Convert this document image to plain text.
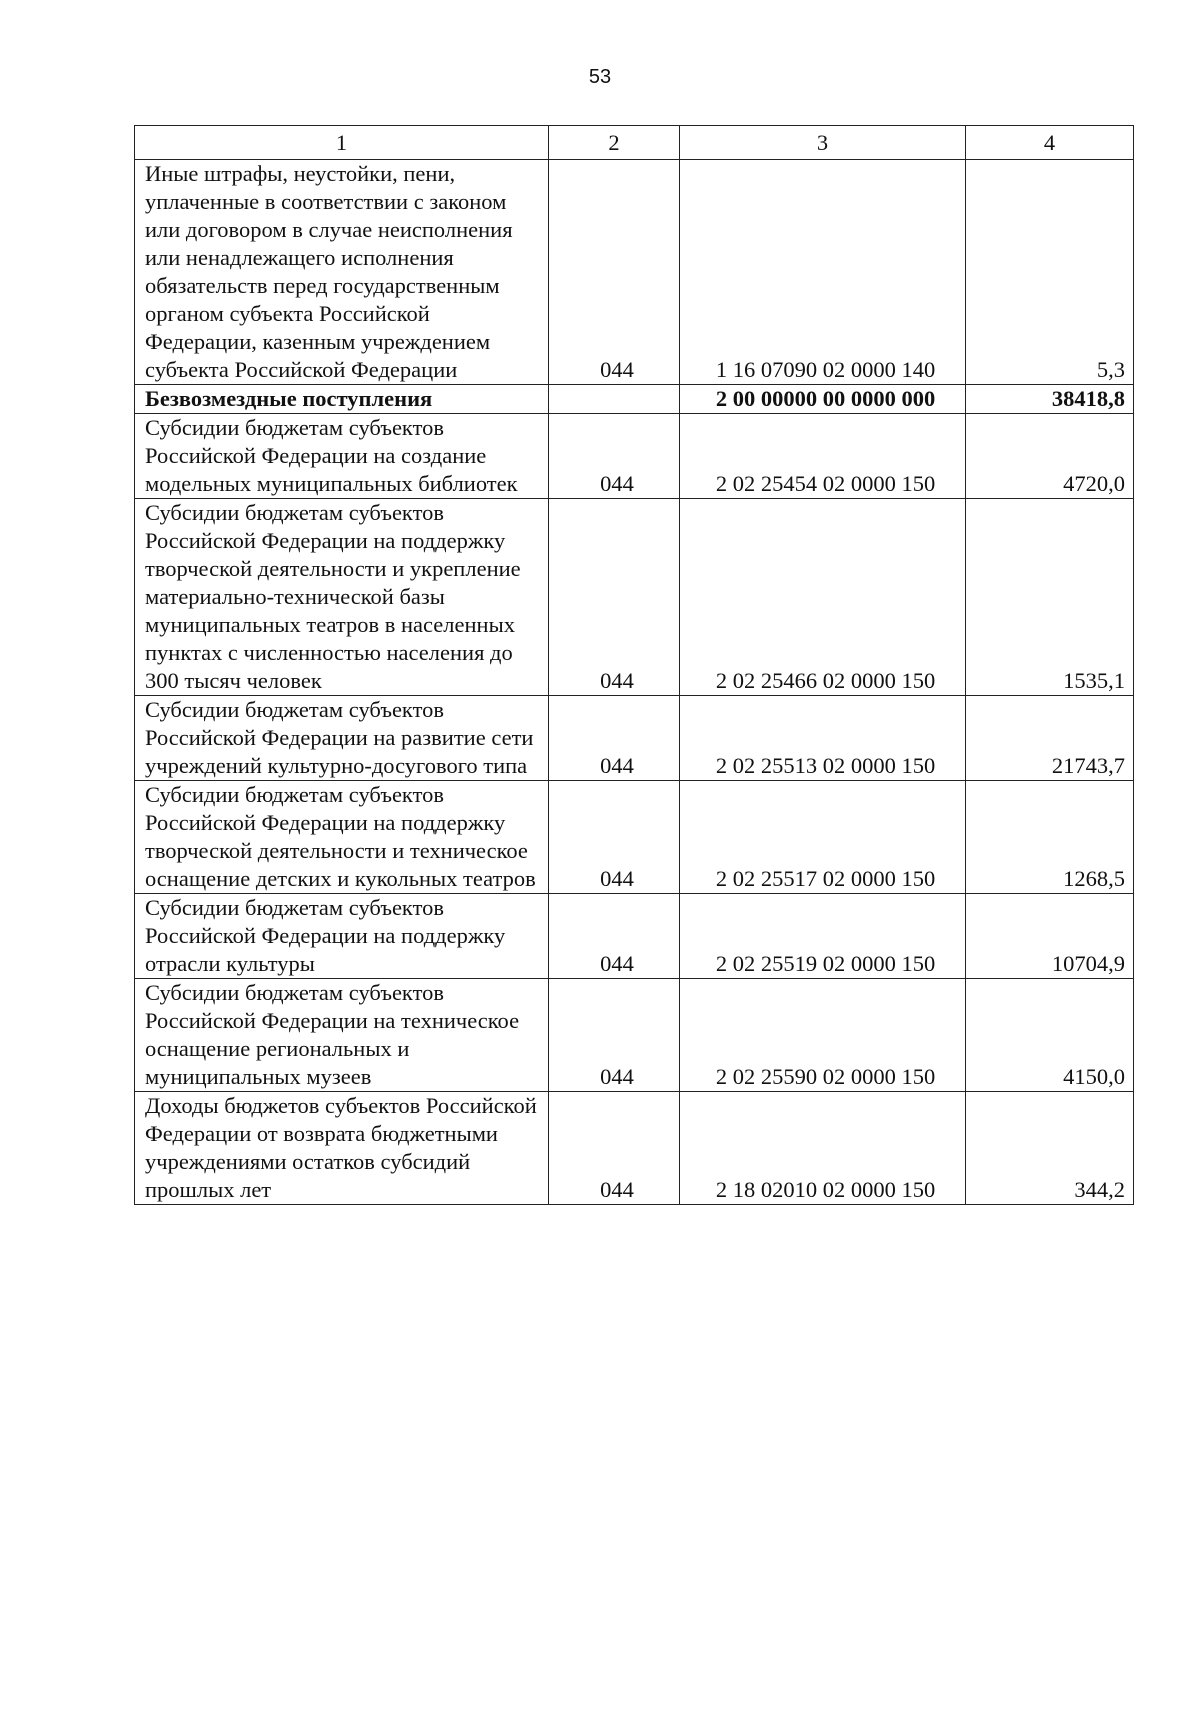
53
1	2	3	4
Иные штрафы, неустойки, пени, уплаченные в соответствии с законом или договором в случае неисполнения или ненадлежащего исполнения обязательств перед государственным органом субъекта Российской Федерации, казенным учреждением субъекта Российской Федерации	044	1 16 07090 02 0000 140	5,3
Безвозмездные поступления		2 00 00000 00 0000 000	38418,8
Субсидии бюджетам субъектов Российской Федерации на создание модельных муниципальных библиотек	044	2 02 25454 02 0000 150	4720,0
Субсидии бюджетам субъектов Российской Федерации на поддержку творческой деятельности и укрепление материально-технической базы муниципальных театров в населенных пунктах с численностью населения до 300 тысяч человек	044	2 02 25466 02 0000 150	1535,1
Субсидии бюджетам субъектов Российской Федерации на развитие сети учреждений культурно-досугового типа	044	2 02 25513 02 0000 150	21743,7
Субсидии бюджетам субъектов Российской Федерации на поддержку творческой деятельности и техническое оснащение детских и кукольных театров	044	2 02 25517 02 0000 150	1268,5
Субсидии бюджетам субъектов Российской Федерации на поддержку отрасли культуры	044	2 02 25519 02 0000 150	10704,9
Субсидии бюджетам субъектов Российской Федерации на техническое оснащение региональных и муниципальных музеев	044	2 02 25590 02 0000 150	4150,0
Доходы бюджетов субъектов Российской Федерации от возврата бюджетными учреждениями остатков субсидий прошлых лет	044	2 18 02010 02 0000 150	344,2
